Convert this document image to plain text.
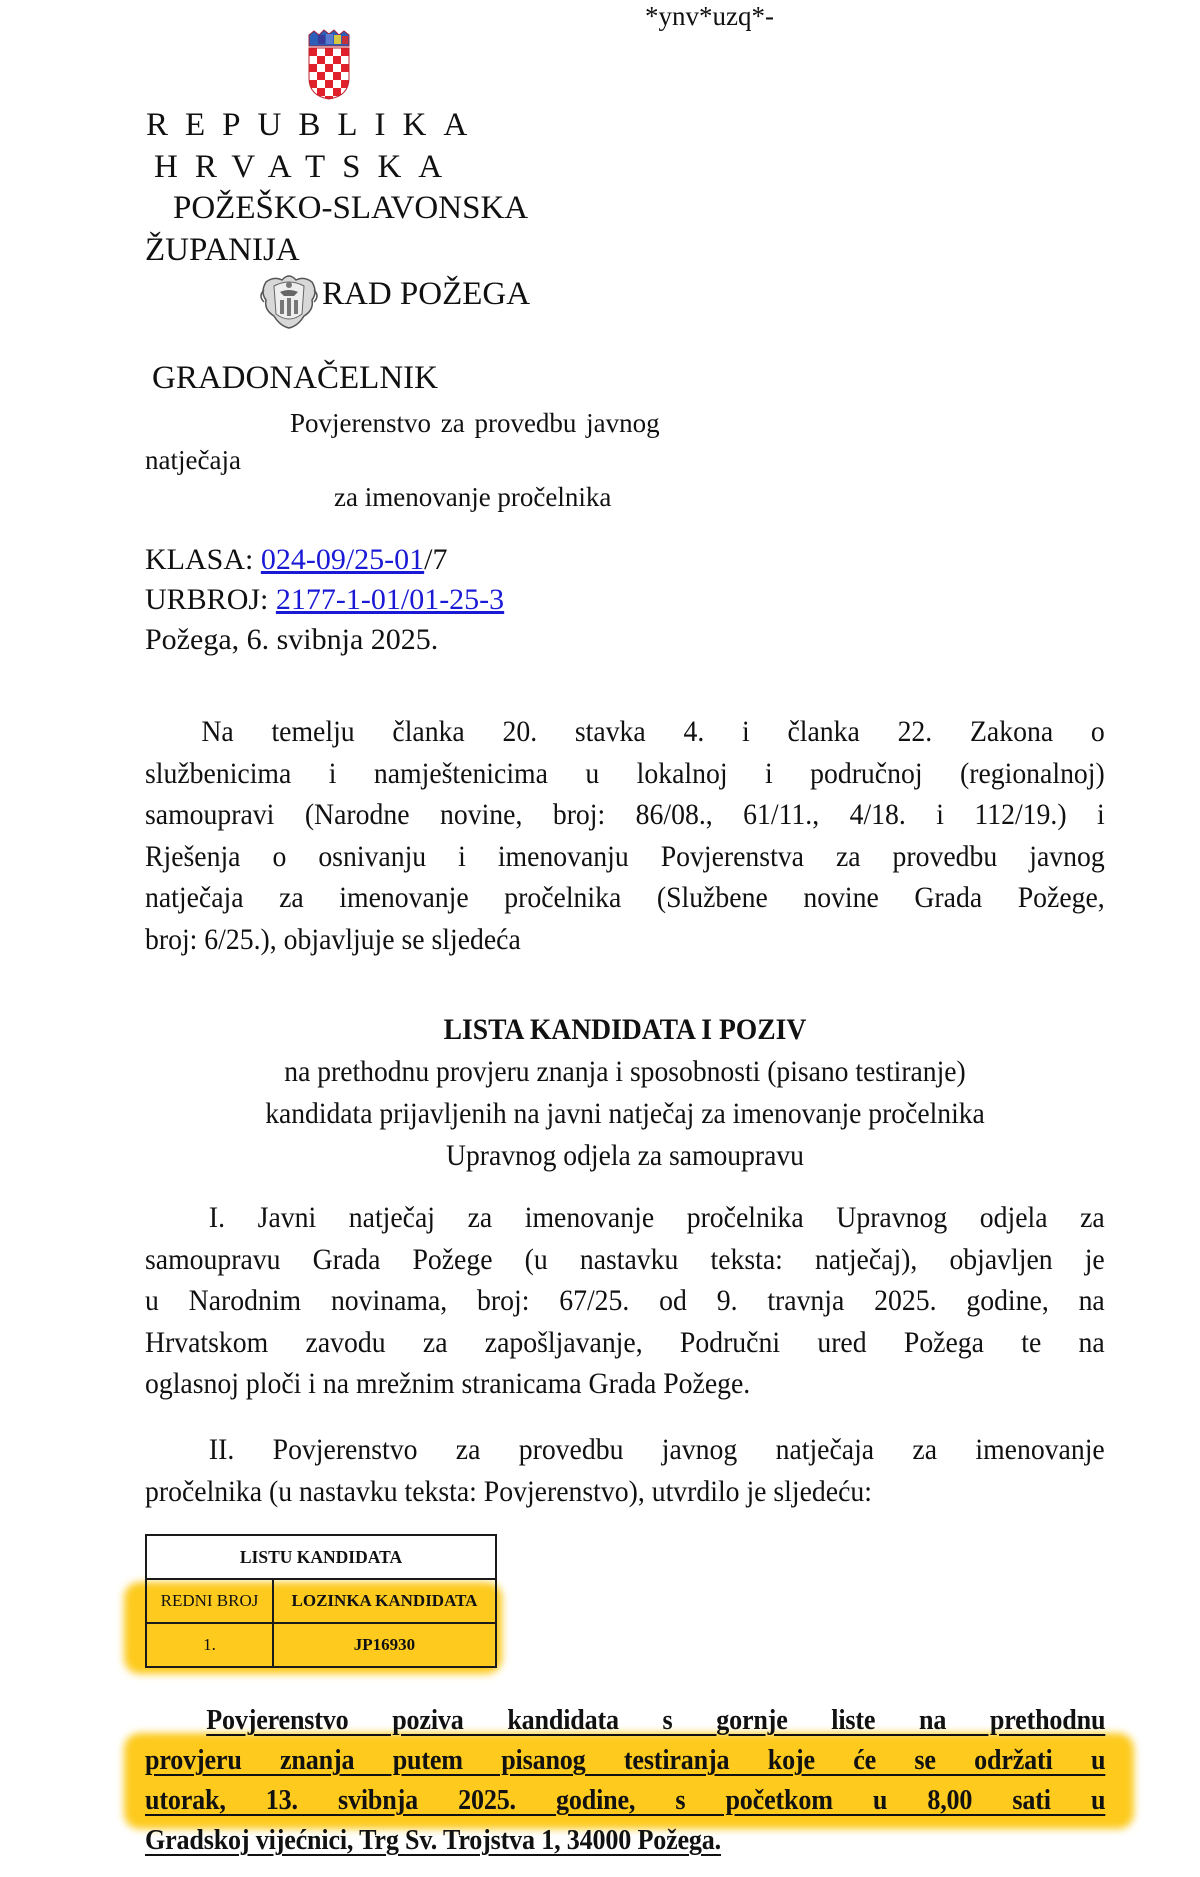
*ynv*uzq*-
REPUBLIKA
HRVATSKA
POŽEŠKO-SLAVONSKA
ŽUPANIJA
RAD POŽEGA
GRADONAČELNIK
Povjerenstvo za provedbu javnog
natječaja
za imenovanje pročelnika
KLASA: 024-09/25-01/7
URBROJ: 2177-1-01/01-25-3
Požega, 6. svibnja 2025.
Na temelju članka 20. stavka 4. i članka 22. Zakona o
službenicima i namještenicima u lokalnoj i područnoj (regionalnoj)
samoupravi (Narodne novine, broj: 86/08., 61/11., 4/18. i 112/19.) i
Rješenja o osnivanju i imenovanju Povjerenstva za provedbu javnog
natječaja za imenovanje pročelnika (Službene novine Grada Požege,
broj: 6/25.), objavljuje se sljedeća
LISTA KANDIDATA I POZIV
na prethodnu provjeru znanja i sposobnosti (pisano testiranje)
kandidata prijavljenih na javni natječaj za imenovanje pročelnika
Upravnog odjela za samoupravu
I. Javni natječaj za imenovanje pročelnika Upravnog odjela za
samoupravu Grada Požege (u nastavku teksta: natječaj), objavljen je
u Narodnim novinama, broj: 67/25. od 9. travnja 2025. godine, na
Hrvatskom zavodu za zapošljavanje, Područni ured Požega te na
oglasnoj ploči i na mrežnim stranicama Grada Požege.
II. Povjerenstvo za provedbu javnog natječaja za imenovanje
pročelnika (u nastavku teksta: Povjerenstvo), utvrdilo je sljedeću:
LISTU KANDIDATA	
REDNI BROJ	LOZINKA KANDIDATA
1.	JP16930
Povjerenstvo poziva kandidata s gornje liste na prethodnu
provjeru znanja putem pisanog testiranja koje će se održati u
utorak, 13. svibnja 2025. godine, s početkom u 8,00 sati u
Gradskoj vijećnici, Trg Sv. Trojstva 1, 34000 Požega.
